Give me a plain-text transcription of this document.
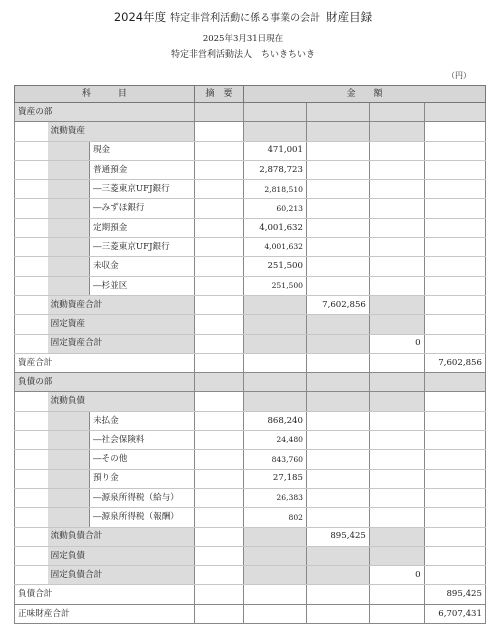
2024年度 特定非営利活動に係る事業の会計 財産目録
2025年3月31日現在
特定非営利活動法人　ちいきちいき
（円）
科　　　目			摘　要	金　　額			
資産の部							
	流動資産						
		現金		471,001			
		普通預金		2,878,723			
		―三菱東京UFJ銀行		2,818,510			
		―みずほ銀行		60,213			
		定期預金		4,001,632			
		―三菱東京UFJ銀行		4,001,632			
		未収金		251,500			
		―杉並区		251,500			
	流動資産合計				7,602,856		
	固定資産						
	固定資産合計					0	
資産合計							7,602,856
負債の部							
	流動負債						
		未払金		868,240			
		―社会保険料		24,480			
		―その他		843,760			
		預り金		27,185			
		―源泉所得税（給与）		26,383			
		―源泉所得税（報酬）		802			
	流動負債合計				895,425		
	固定負債						
	固定負債合計					0	
負債合計							895,425
正味財産合計							6,707,431
